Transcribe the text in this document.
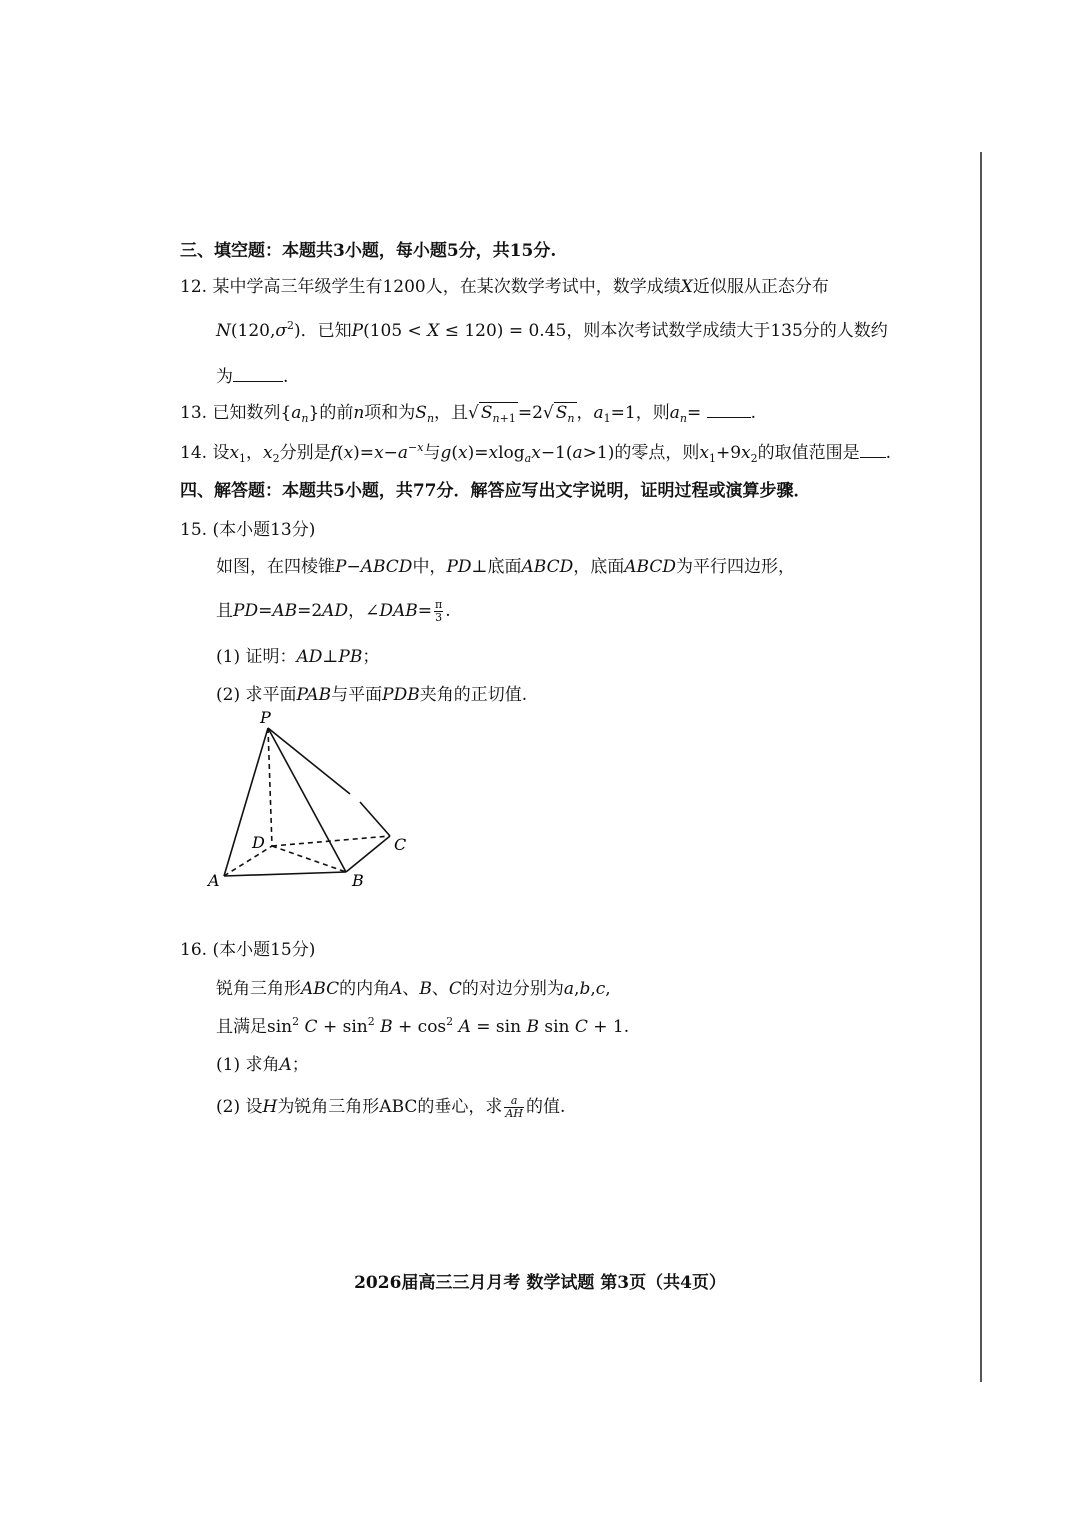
三、填空题：本题共3小题，每小题5分，共15分.
12. 某中学高三年级学生有1200人，在某次数学考试中，数学成绩X近似服从正态分布
$N(120,\sigma^2)$．已知P(105 < X ≤ 120) = 0.45，则本次考试数学成绩大于135分的人数约
为	.
13. 已知数列$\{a_n\}$的前n项和为$S_n$，且√ $S_{n+1} =2√$ $S_n$ ，$a_1=1$，则$a_n=$	.
14. 设$x_1$，$x_2$分别是$f(x)=x-a^{-x}$与g(x)=xlog$_a$x−1(a>1)的零点，则$x_1+9x_2$的取值范围是 .
四、解答题：本题共5小题，共77分．解答应写出文字说明，证明过程或演算步骤．
15. (本小题13分)
如图，在四棱锥P−ABCD中，PD⊥底面ABCD，底面ABCD为平行四边形，
且PD=AB=2AD，∠DAB= $\frac{\pi}{3}$ .
(1) 证明：AD⊥PB；
(2) 求平面PAB与平面PDB夹角的正切值.
P
D	C
A	B
16. (本小题15分)
锐角三角形ABC的内角A、B、C的对边分别为a,b,c,
且满足$\sin^2 C + \sin^2 B + \cos^2 A = \sin B$ sin C + 1.
(1) 求角A；
(2) 设H为锐角三角形ABC的垂心，求 $\frac{a}{AH}$ 的值.
2026届高三三月月考 数学试题 第3页（共4页）
